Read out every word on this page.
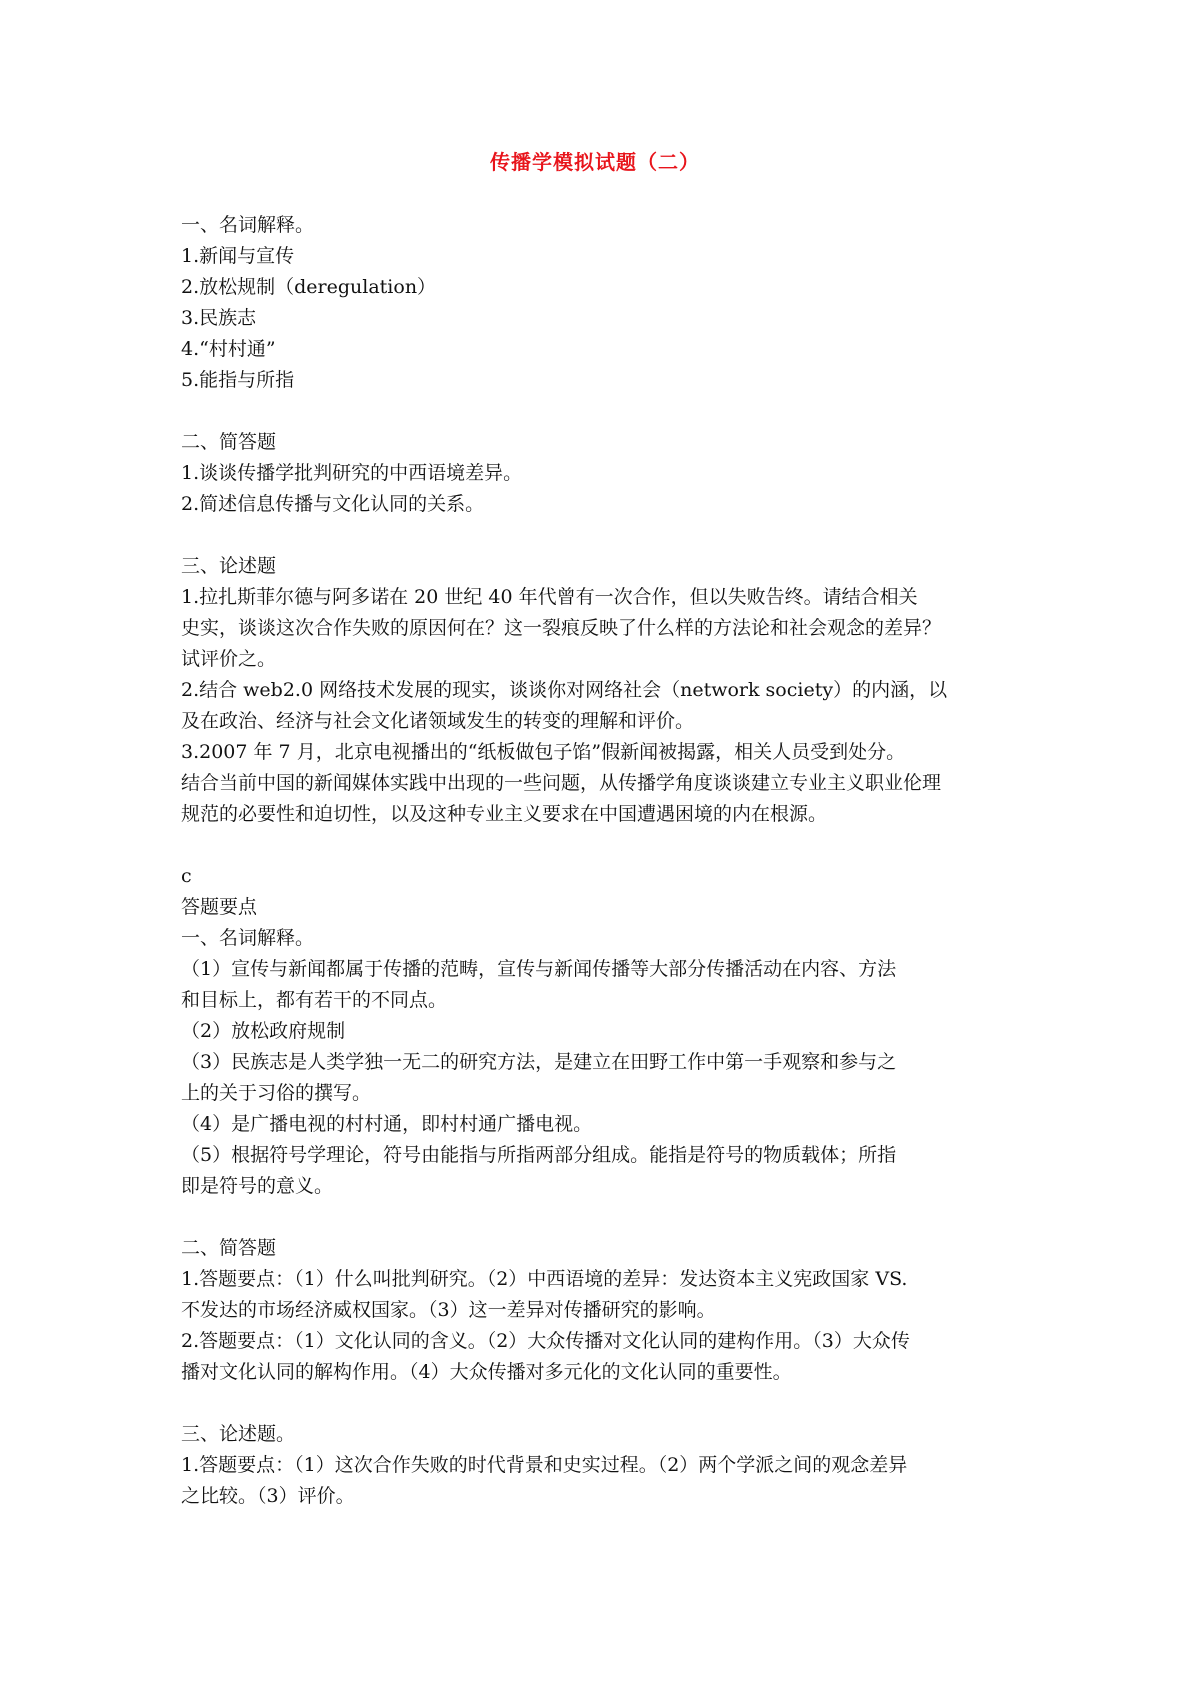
传播学模拟试题（二）
一、名词解释。
1.新闻与宣传
2.放松规制（deregulation）
3.民族志
4.“村村通”
5.能指与所指
二、简答题
1.谈谈传播学批判研究的中西语境差异。
2.简述信息传播与文化认同的关系。
三、论述题
1.拉扎斯菲尔德与阿多诺在 20 世纪 40 年代曾有一次合作，但以失败告终。请结合相关
史实，谈谈这次合作失败的原因何在？这一裂痕反映了什么样的方法论和社会观念的差异？
试评价之。
2.结合 web2.0 网络技术发展的现实，谈谈你对网络社会（network society）的内涵，以
及在政治、经济与社会文化诸领域发生的转变的理解和评价。
3.2007 年 7 月，北京电视播出的“纸板做包子馅”假新闻被揭露，相关人员受到处分。
结合当前中国的新闻媒体实践中出现的一些问题，从传播学角度谈谈建立专业主义职业伦理
规范的必要性和迫切性，以及这种专业主义要求在中国遭遇困境的内在根源。
c
答题要点
一、名词解释。
（1）宣传与新闻都属于传播的范畴，宣传与新闻传播等大部分传播活动在内容、方法
和目标上，都有若干的不同点。
（2）放松政府规制
（3）民族志是人类学独一无二的研究方法，是建立在田野工作中第一手观察和参与之
上的关于习俗的撰写。
（4）是广播电视的村村通，即村村通广播电视。
（5）根据符号学理论，符号由能指与所指两部分组成。能指是符号的物质载体；所指
即是符号的意义。
二、简答题
1.答题要点：（1）什么叫批判研究。（2）中西语境的差异：发达资本主义宪政国家 VS.
不发达的市场经济威权国家。（3）这一差异对传播研究的影响。
2.答题要点：（1）文化认同的含义。（2）大众传播对文化认同的建构作用。（3）大众传
播对文化认同的解构作用。（4）大众传播对多元化的文化认同的重要性。
三、论述题。
1.答题要点：（1）这次合作失败的时代背景和史实过程。（2）两个学派之间的观念差异
之比较。（3）评价。
